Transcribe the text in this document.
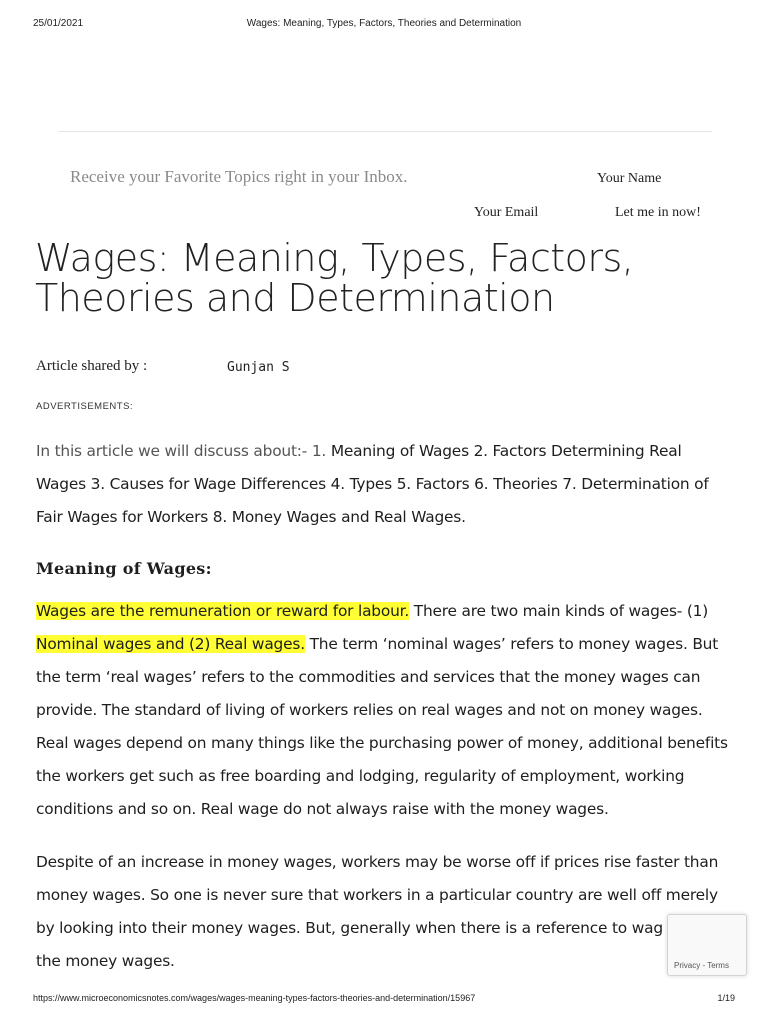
25/01/2021	Wages: Meaning, Types, Factors, Theories and Determination
Receive your Favorite Topics right in your Inbox.	Your Name
Your Email	Let me in now!
Wages: Meaning, Types, Factors, Theories and Determination
Article shared by :	Gunjan S
ADVERTISEMENTS:

In this article we will discuss about:- 1. Meaning of Wages 2. Factors Determining Real Wages 3. Causes for Wage Differences 4. Types 5. Factors 6. Theories 7. Determination of Fair Wages for Workers 8. Money Wages and Real Wages.

Meaning of Wages:

Wages are the remuneration or reward for labour. There are two main kinds of wages- (1) Nominal wages and (2) Real wages. The term ‘nominal wages’ refers to money wages. But the term ‘real wages’ refers to the commodities and services that the money wages can provide. The standard of living of workers relies on real wages and not on money wages. Real wages depend on many things like the purchasing power of money, additional benefits the workers get such as free boarding and lodging, regularity of employment, working conditions and so on. Real wage do not always raise with the money wages.

Despite of an increase in money wages, workers may be worse off if prices rise faster than money wages. So one is never sure that workers in a particular country are well off merely by looking into their money wages. But, generally when there is a reference to wag
the money wages.	Privacy - Terms
https://www.microeconomicsnotes.com/wages/wages-meaning-types-factors-theories-and-determination/15967	1/19
